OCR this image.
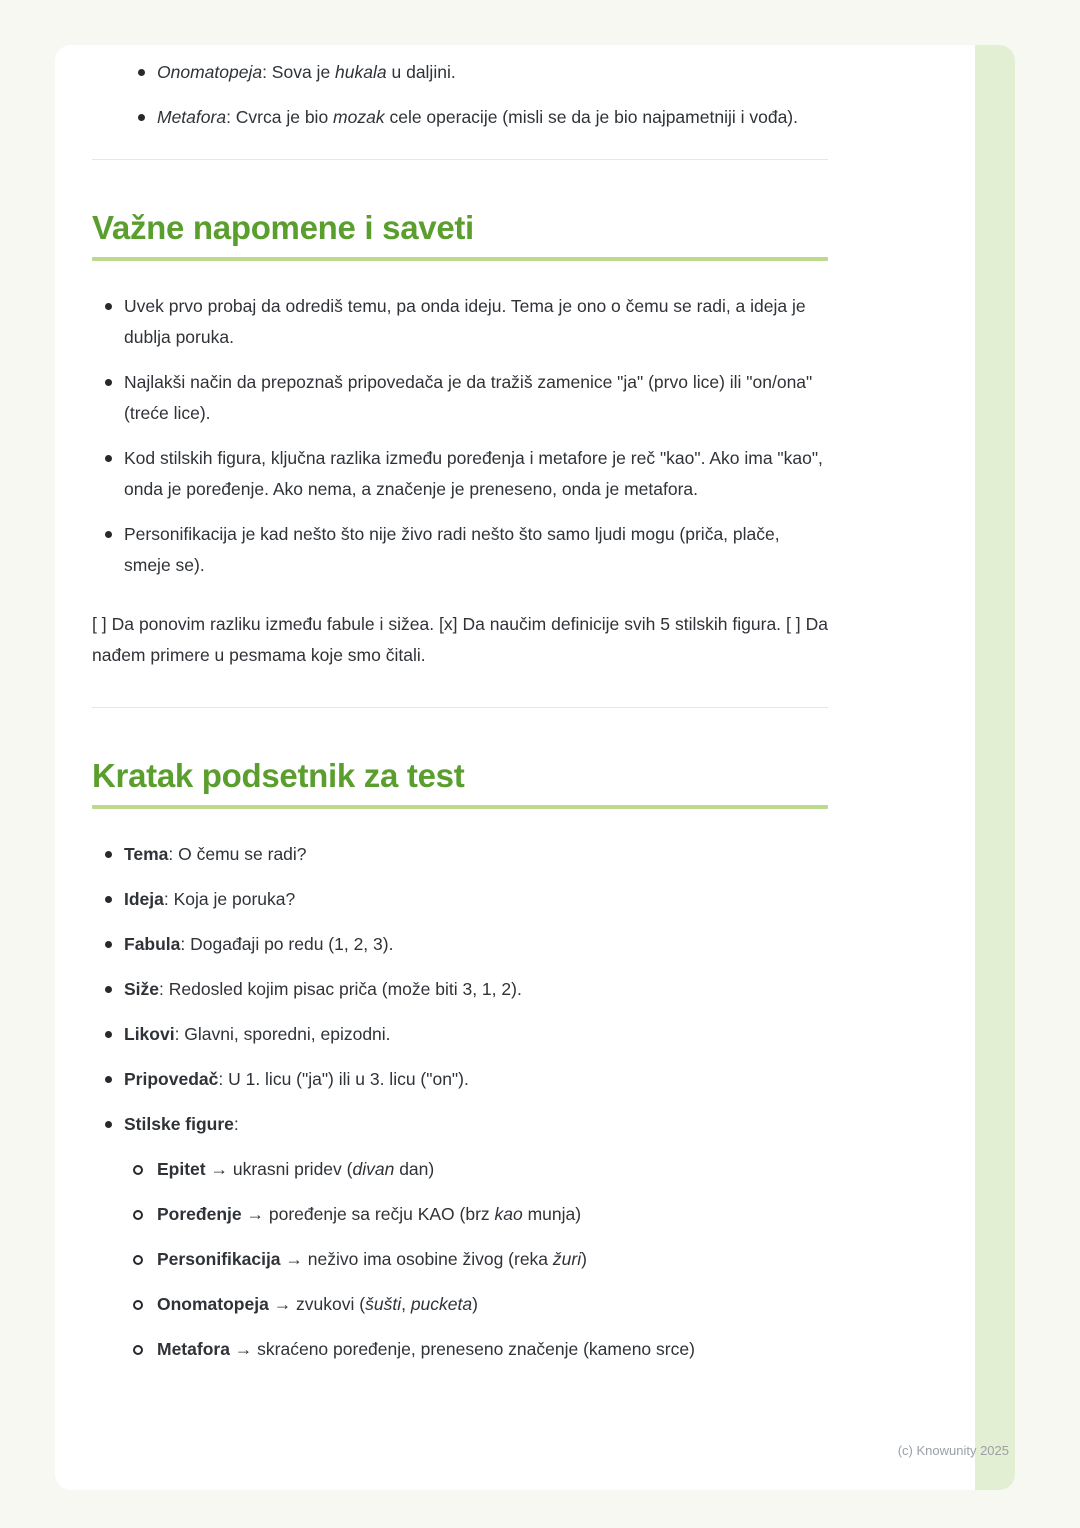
Onomatopeja: Sova je hukala u daljini.
Metafora: Cvrca je bio mozak cele operacije (misli se da je bio najpametniji i vođa).
Važne napomene i saveti
Uvek prvo probaj da odrediš temu, pa onda ideju. Tema je ono o čemu se radi, a ideja je dublja poruka.
Najlakši način da prepoznaš pripovedača je da tražiš zamenice "ja" (prvo lice) ili "on/ona" (treće lice).
Kod stilskih figura, ključna razlika između poređenja i metafore je reč "kao". Ako ima "kao", onda je poređenje. Ako nema, a značenje je preneseno, onda je metafora.
Personifikacija je kad nešto što nije živo radi nešto što samo ljudi mogu (priča, plače, smeje se).

[ ] Da ponovim razliku između fabule i sižea. [x] Da naučim definicije svih 5 stilskih figura. [ ] Da nađem primere u pesmama koje smo čitali.

Kratak podsetnik za test
Tema: O čemu se radi?
Ideja: Koja je poruka?
Fabula: Događaji po redu (1, 2, 3).
Siže: Redosled kojim pisac priča (može biti 3, 1, 2).
Likovi: Glavni, sporedni, epizodni.
Pripovedač: U 1. licu ("ja") ili u 3. licu ("on").
Stilske figure:
Epitet → ukrasni pridev (divan dan)
Poređenje → poređenje sa rečju KAO (brz kao munja)
Personifikacija → neživo ima osobine živog (reka žuri)
Onomatopeja → zvukovi (šušti, pucketa)
Metafora → skraćeno poređenje, preneseno značenje (kameno srce)
(c) Knowunity 2025
